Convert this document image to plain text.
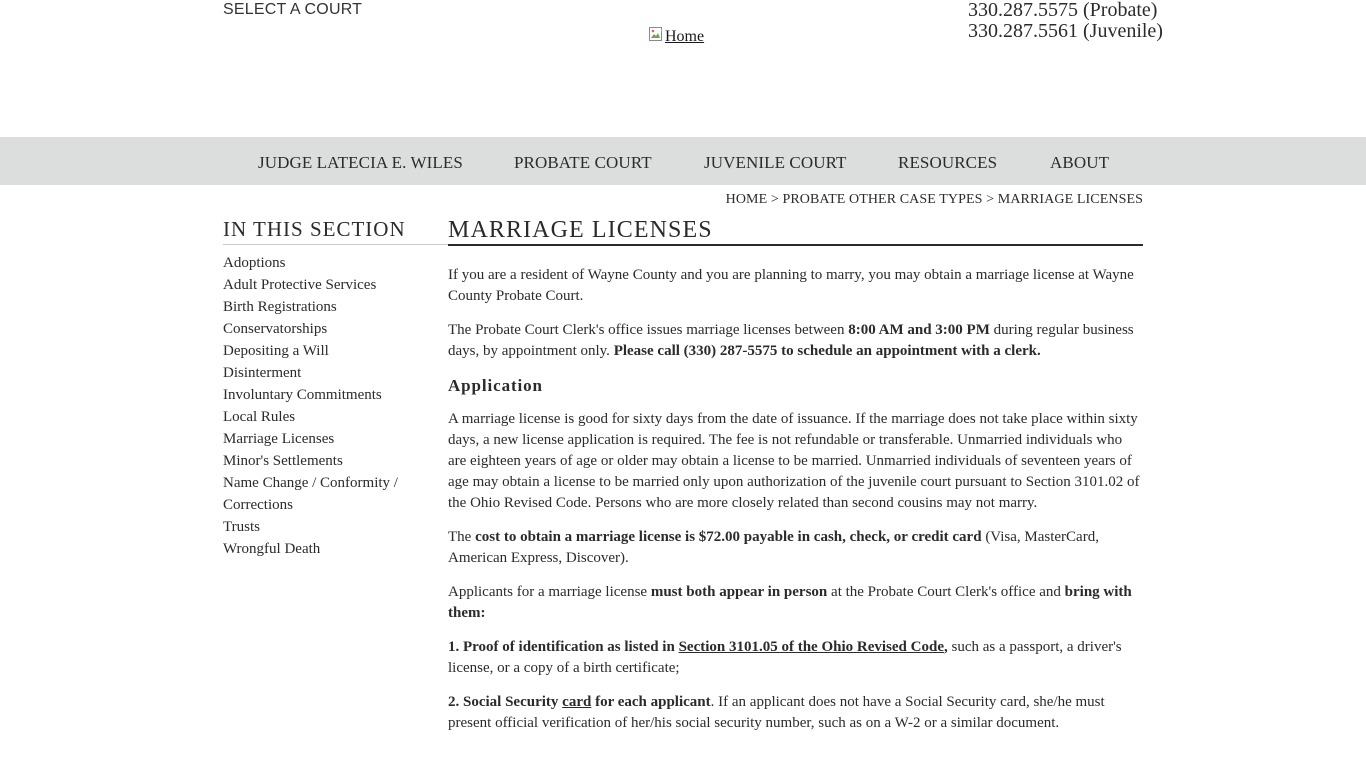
SELECT A COURT
Home
330.287.5575 (Probate)
330.287.5561 (Juvenile)
JUDGE LATECIA E. WILES	PROBATE COURT	JUVENILE COURT	RESOURCES	ABOUT
HOME > PROBATE OTHER CASE TYPES > MARRIAGE LICENSES
IN THIS SECTION
Adoptions
Adult Protective Services
Birth Registrations
Conservatorships
Depositing a Will
Disinterment
Involuntary Commitments
Local Rules
Marriage Licenses
Minor's Settlements
Name Change / Conformity / Corrections
Trusts
Wrongful Death
MARRIAGE LICENSES

If you are a resident of Wayne County and you are planning to marry, you may obtain a marriage license at Wayne County Probate Court.

The Probate Court Clerk's office issues marriage licenses between 8:00 AM and 3:00 PM during regular business days, by appointment only. Please call (330) 287-5575 to schedule an appointment with a clerk.

Application

A marriage license is good for sixty days from the date of issuance. If the marriage does not take place within sixty days, a new license application is required. The fee is not refundable or transferable. Unmarried individuals who are eighteen years of age or older may obtain a license to be married. Unmarried individuals of seventeen years of age may obtain a license to be married only upon authorization of the juvenile court pursuant to Section 3101.02 of the Ohio Revised Code. Persons who are more closely related than second cousins may not marry.

The cost to obtain a marriage license is $72.00 payable in cash, check, or credit card (Visa, MasterCard, American Express, Discover).

Applicants for a marriage license must both appear in person at the Probate Court Clerk's office and bring with them:

1. Proof of identification as listed in Section 3101.05 of the Ohio Revised Code, such as a passport, a driver's license, or a copy of a birth certificate;

2. Social Security card for each applicant. If an applicant does not have a Social Security card, she/he must present official verification of her/his social security number, such as on a W-2 or a similar document.
